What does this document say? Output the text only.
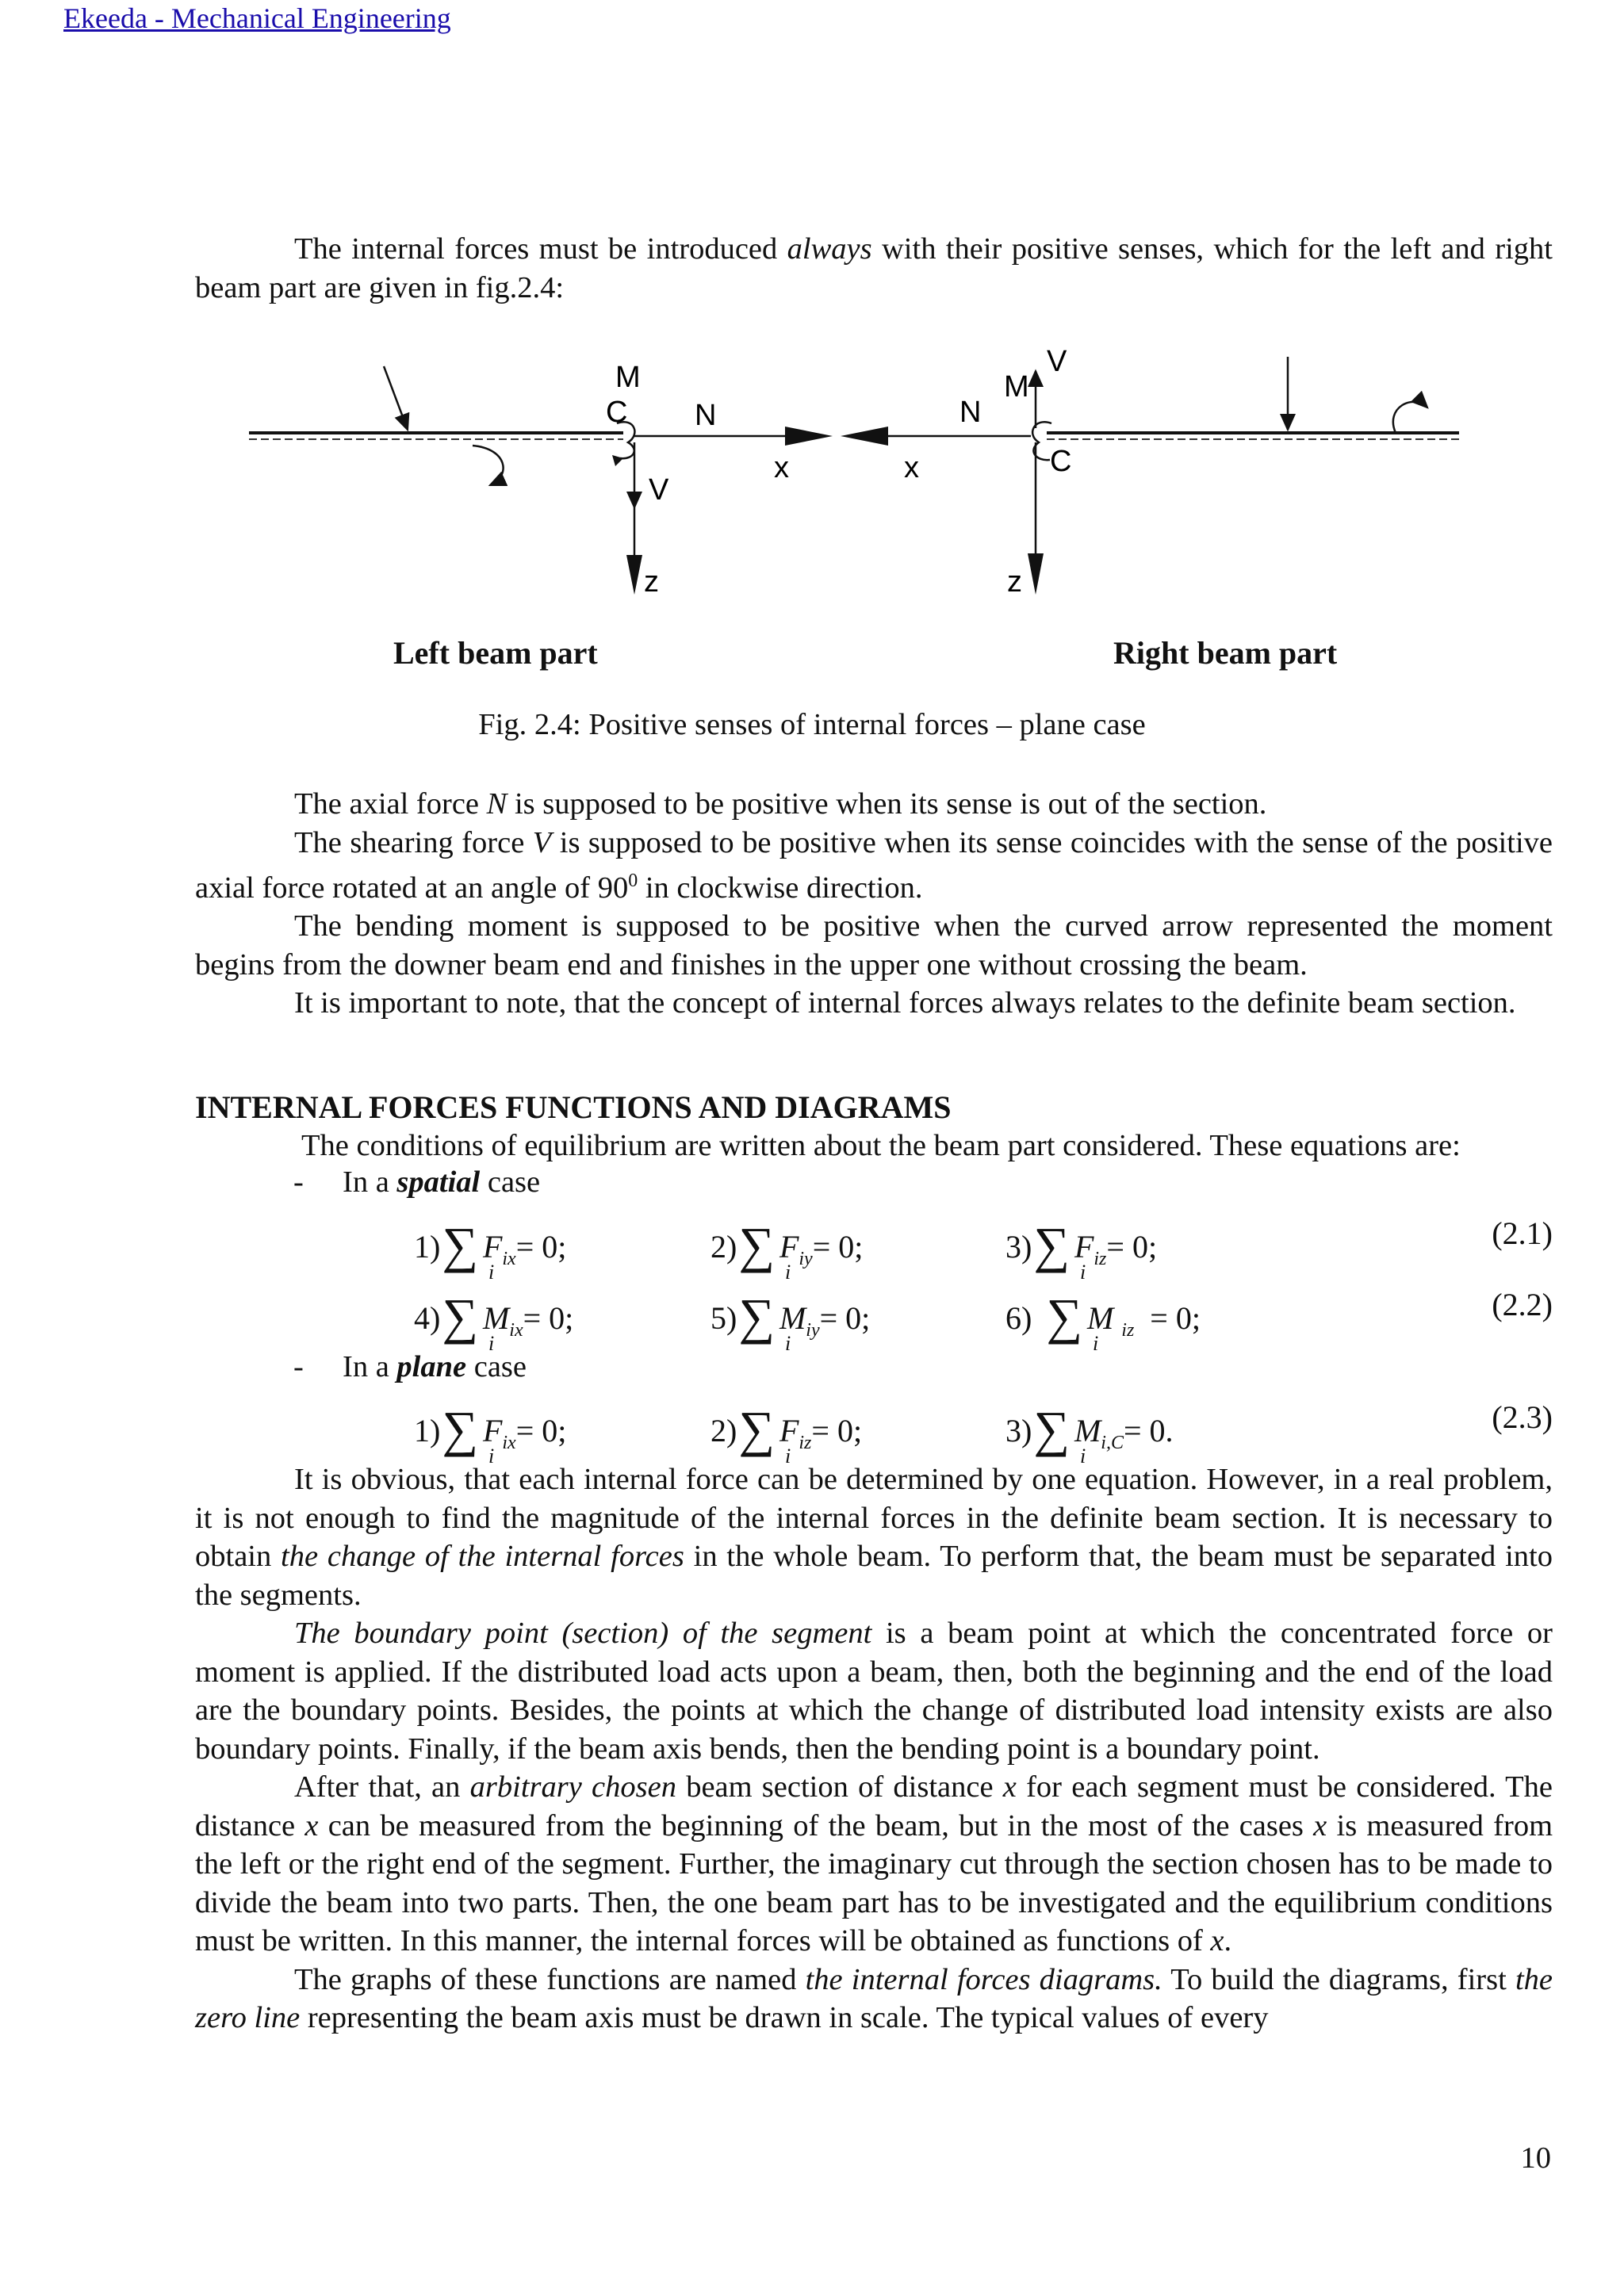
Ekeeda - Mechanical Engineering

The internal forces must be introduced always with their positive senses, which for the left and right beam part are given in fig.2.4:

M
C N
V
x
z
x
N
M
V
C
z
Left beam part	Right beam part
Fig. 2.4: Positive senses of internal forces – plane case

The axial force N is supposed to be positive when its sense is out of the section.

The shearing force V is supposed to be positive when its sense coincides with the sense of the positive axial force rotated at an angle of $90^0$ in clockwise direction.

The bending moment is supposed to be positive when the curved arrow represented the moment begins from the downer beam end and finishes in the upper one without crossing the beam.

It is important to note, that the concept of internal forces always relates to the definite beam section.

INTERNAL FORCES FUNCTIONS AND DIAGRAMS

The conditions of equilibrium are written about the beam part considered. These equations are:

- In a spatial case
1)∑ $F_{ix}= 0$;
i
2)∑ $F_{iy}= 0$;
i
3)∑ $F_{iz}= 0$;
i
(2.1)
4)∑ $M_{ix}= 0$;
i
5)∑ $M_{iy}= 0$;
i
6) ∑ M $_{iz}$ = 0;
i
(2.2)
- In a plane case
1)∑ $F_{ix}= 0$;
i
2)∑ $F_{iz}= 0$;
i
3)∑ $M_{i,C}= 0$.
i
(2.3)

It is obvious, that each internal force can be determined by one equation. However, in a real problem, it is not enough to find the magnitude of the internal forces in the definite beam section. It is necessary to obtain the change of the internal forces in the whole beam. To perform that, the beam must be separated into the segments.

The boundary point (section) of the segment is a beam point at which the concentrated force or moment is applied. If the distributed load acts upon a beam, then, both the beginning and the end of the load are the boundary points. Besides, the points at which the change of distributed load intensity exists are also boundary points. Finally, if the beam axis bends, then the bending point is a boundary point.

After that, an arbitrary chosen beam section of distance x for each segment must be considered. The distance x can be measured from the beginning of the beam, but in the most of the cases x is measured from the left or the right end of the segment. Further, the imaginary cut through the section chosen has to be made to divide the beam into two parts. Then, the one beam part has to be investigated and the equilibrium conditions must be written. In this manner, the internal forces will be obtained as functions of x.

The graphs of these functions are named the internal forces diagrams. To build the diagrams, first the zero line representing the beam axis must be drawn in scale. The typical values of every

10
